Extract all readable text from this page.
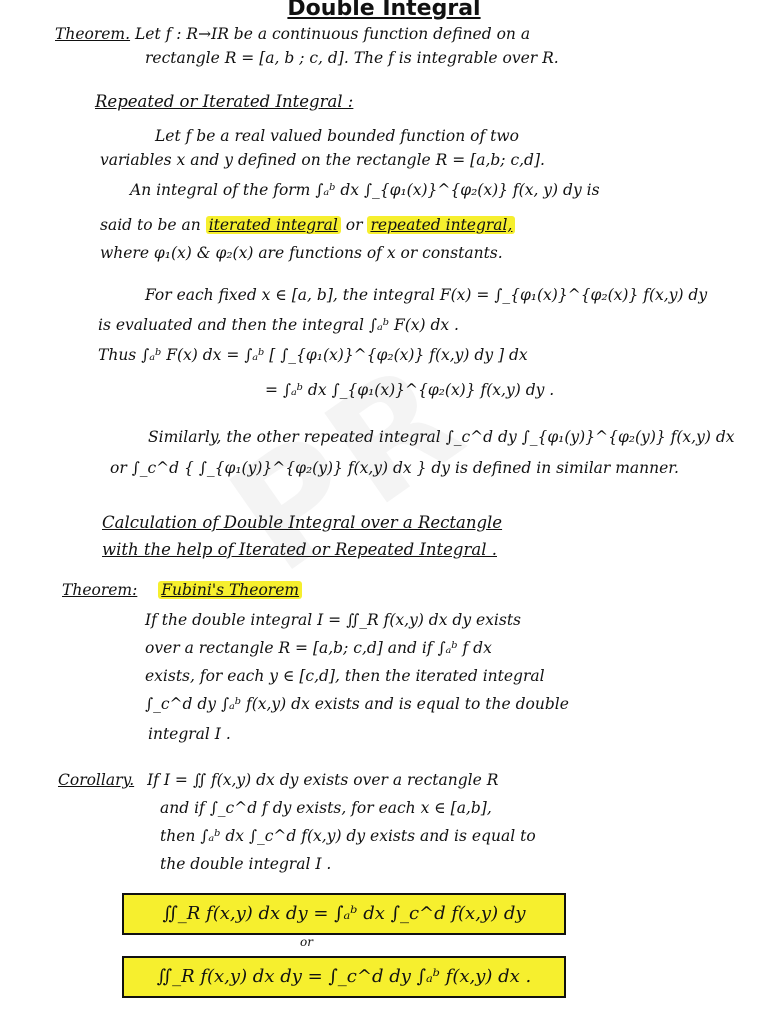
Double Integral
Theorem. Let f : R→IR be a continuous function defined on a
rectangle R = [a, b ; c, d]. The f is integrable over R.
Repeated or Iterated Integral :
Let f be a real valued bounded function of two
variables x and y defined on the rectangle R = [a,b; c,d].
An integral of the form ∫ₐᵇ dx ∫_{φ₁(x)}^{φ₂(x)} f(x, y) dy is
said to be an iterated integral or repeated integral,
where φ₁(x) & φ₂(x) are functions of x or constants.
For each fixed x ∈ [a, b], the integral F(x) = ∫_{φ₁(x)}^{φ₂(x)} f(x,y) dy
is evaluated and then the integral ∫ₐᵇ F(x) dx .
Thus ∫ₐᵇ F(x) dx = ∫ₐᵇ [ ∫_{φ₁(x)}^{φ₂(x)} f(x,y) dy ] dx
= ∫ₐᵇ dx ∫_{φ₁(x)}^{φ₂(x)} f(x,y) dy .
Similarly, the other repeated integral ∫_c^d dy ∫_{φ₁(y)}^{φ₂(y)} f(x,y) dx
or ∫_c^d { ∫_{φ₁(y)}^{φ₂(y)} f(x,y) dx } dy is defined in similar manner.
Calculation of Double Integral over a Rectangle
with the help of Iterated or Repeated Integral .
Theorem: Fubini's Theorem
If the double integral I = ∬_R f(x,y) dx dy exists
over a rectangle R = [a,b; c,d] and if ∫ₐᵇ f dx
exists, for each y ∈ [c,d], then the iterated integral
∫_c^d dy ∫ₐᵇ f(x,y) dx exists and is equal to the double
integral I .
Corollary. If I = ∬ f(x,y) dx dy exists over a rectangle R
and if ∫_c^d f dy exists, for each x ∈ [a,b],
then ∫ₐᵇ dx ∫_c^d f(x,y) dy exists and is equal to
the double integral I .
∬_R f(x,y) dx dy = ∫ₐᵇ dx ∫_c^d f(x,y) dy
or
∬_R f(x,y) dx dy = ∫_c^d dy ∫ₐᵇ f(x,y) dx .
